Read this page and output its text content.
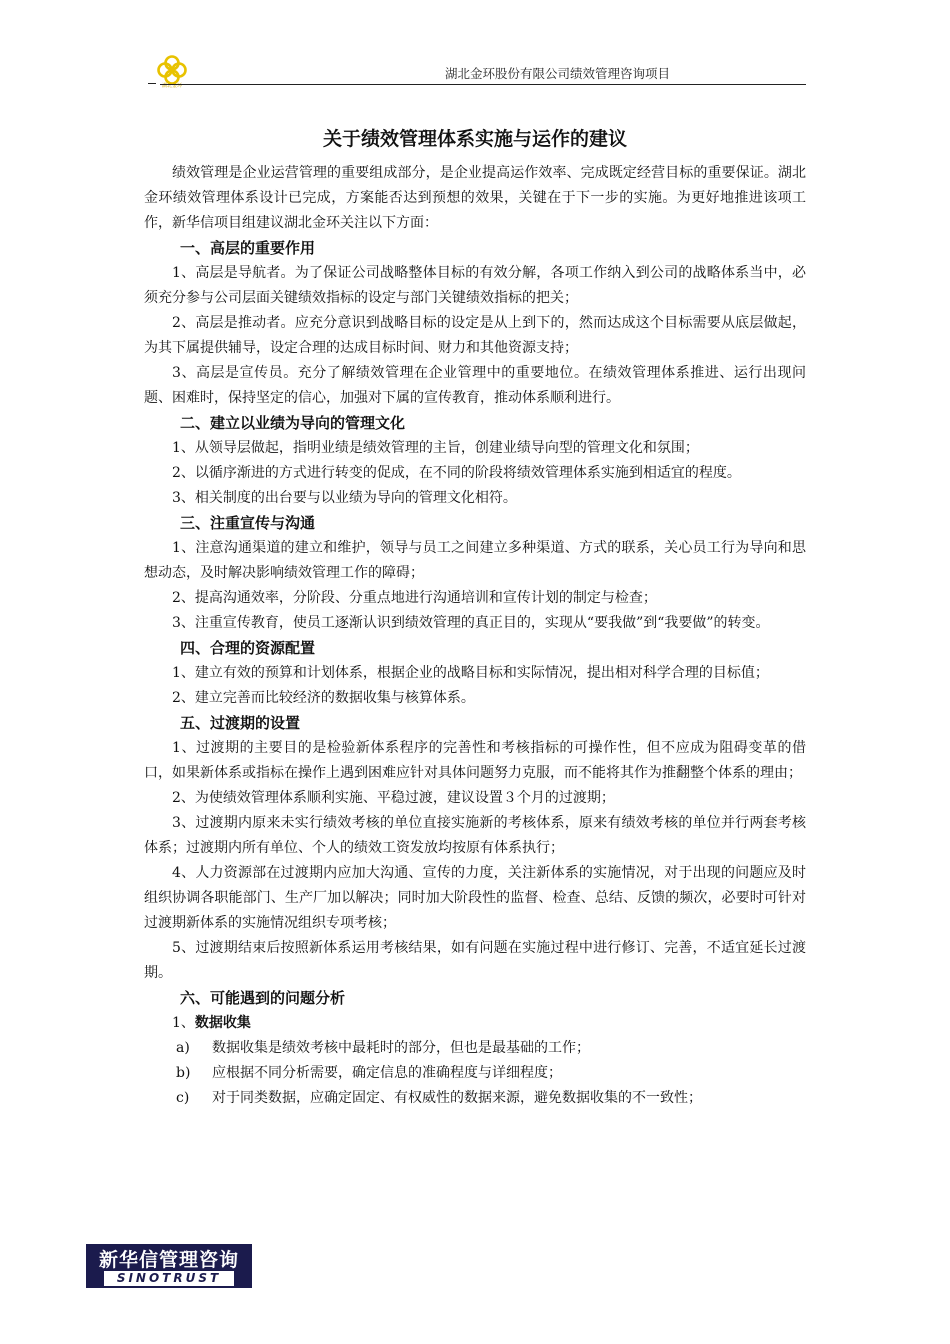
湖北金环
湖北金环股份有限公司绩效管理咨询项目
关于绩效管理体系实施与运作的建议

绩效管理是企业运营管理的重要组成部分，是企业提高运作效率、完成既定经营目标的重要保证。湖北金环绩效管理体系设计已完成，方案能否达到预想的效果，关键在于下一步的实施。为更好地推进该项工作，新华信项目组建议湖北金环关注以下方面：

一、高层的重要作用

1、高层是导航者。为了保证公司战略整体目标的有效分解，各项工作纳入到公司的战略体系当中，必须充分参与公司层面关键绩效指标的设定与部门关键绩效指标的把关；

2、高层是推动者。应充分意识到战略目标的设定是从上到下的，然而达成这个目标需要从底层做起，为其下属提供辅导，设定合理的达成目标时间、财力和其他资源支持；

3、高层是宣传员。充分了解绩效管理在企业管理中的重要地位。在绩效管理体系推进、运行出现问题、困难时，保持坚定的信心，加强对下属的宣传教育，推动体系顺利进行。

二、建立以业绩为导向的管理文化

1、从领导层做起，指明业绩是绩效管理的主旨，创建业绩导向型的管理文化和氛围；

2、以循序渐进的方式进行转变的促成，在不同的阶段将绩效管理体系实施到相适宜的程度。

3、相关制度的出台要与以业绩为导向的管理文化相符。

三、注重宣传与沟通

1、注意沟通渠道的建立和维护，领导与员工之间建立多种渠道、方式的联系，关心员工行为导向和思想动态，及时解决影响绩效管理工作的障碍；

2、提高沟通效率，分阶段、分重点地进行沟通培训和宣传计划的制定与检查；

3、注重宣传教育，使员工逐渐认识到绩效管理的真正目的，实现从“要我做”到“我要做”的转变。

四、合理的资源配置

1、建立有效的预算和计划体系，根据企业的战略目标和实际情况，提出相对科学合理的目标值；

2、建立完善而比较经济的数据收集与核算体系。

五、过渡期的设置

1、过渡期的主要目的是检验新体系程序的完善性和考核指标的可操作性，但不应成为阻碍变革的借口，如果新体系或指标在操作上遇到困难应针对具体问题努力克服，而不能将其作为推翻整个体系的理由；

2、为使绩效管理体系顺利实施、平稳过渡，建议设置３个月的过渡期；

3、过渡期内原来未实行绩效考核的单位直接实施新的考核体系，原来有绩效考核的单位并行两套考核体系；过渡期内所有单位、个人的绩效工资发放均按原有体系执行；

4、人力资源部在过渡期内应加大沟通、宣传的力度，关注新体系的实施情况，对于出现的问题应及时组织协调各职能部门、生产厂加以解决；同时加大阶段性的监督、检查、总结、反馈的频次，必要时可针对过渡期新体系的实施情况组织专项考核；

5、过渡期结束后按照新体系运用考核结果，如有问题在实施过程中进行修订、完善，不适宜延长过渡期。

六、可能遇到的问题分析

1、数据收集

a)	数据收集是绩效考核中最耗时的部分，但也是最基础的工作；

b)	应根据不同分析需要，确定信息的准确程度与详细程度；

c)	对于同类数据，应确定固定、有权威性的数据来源，避免数据收集的不一致性；

新华信管理咨询
SINOTRUST
